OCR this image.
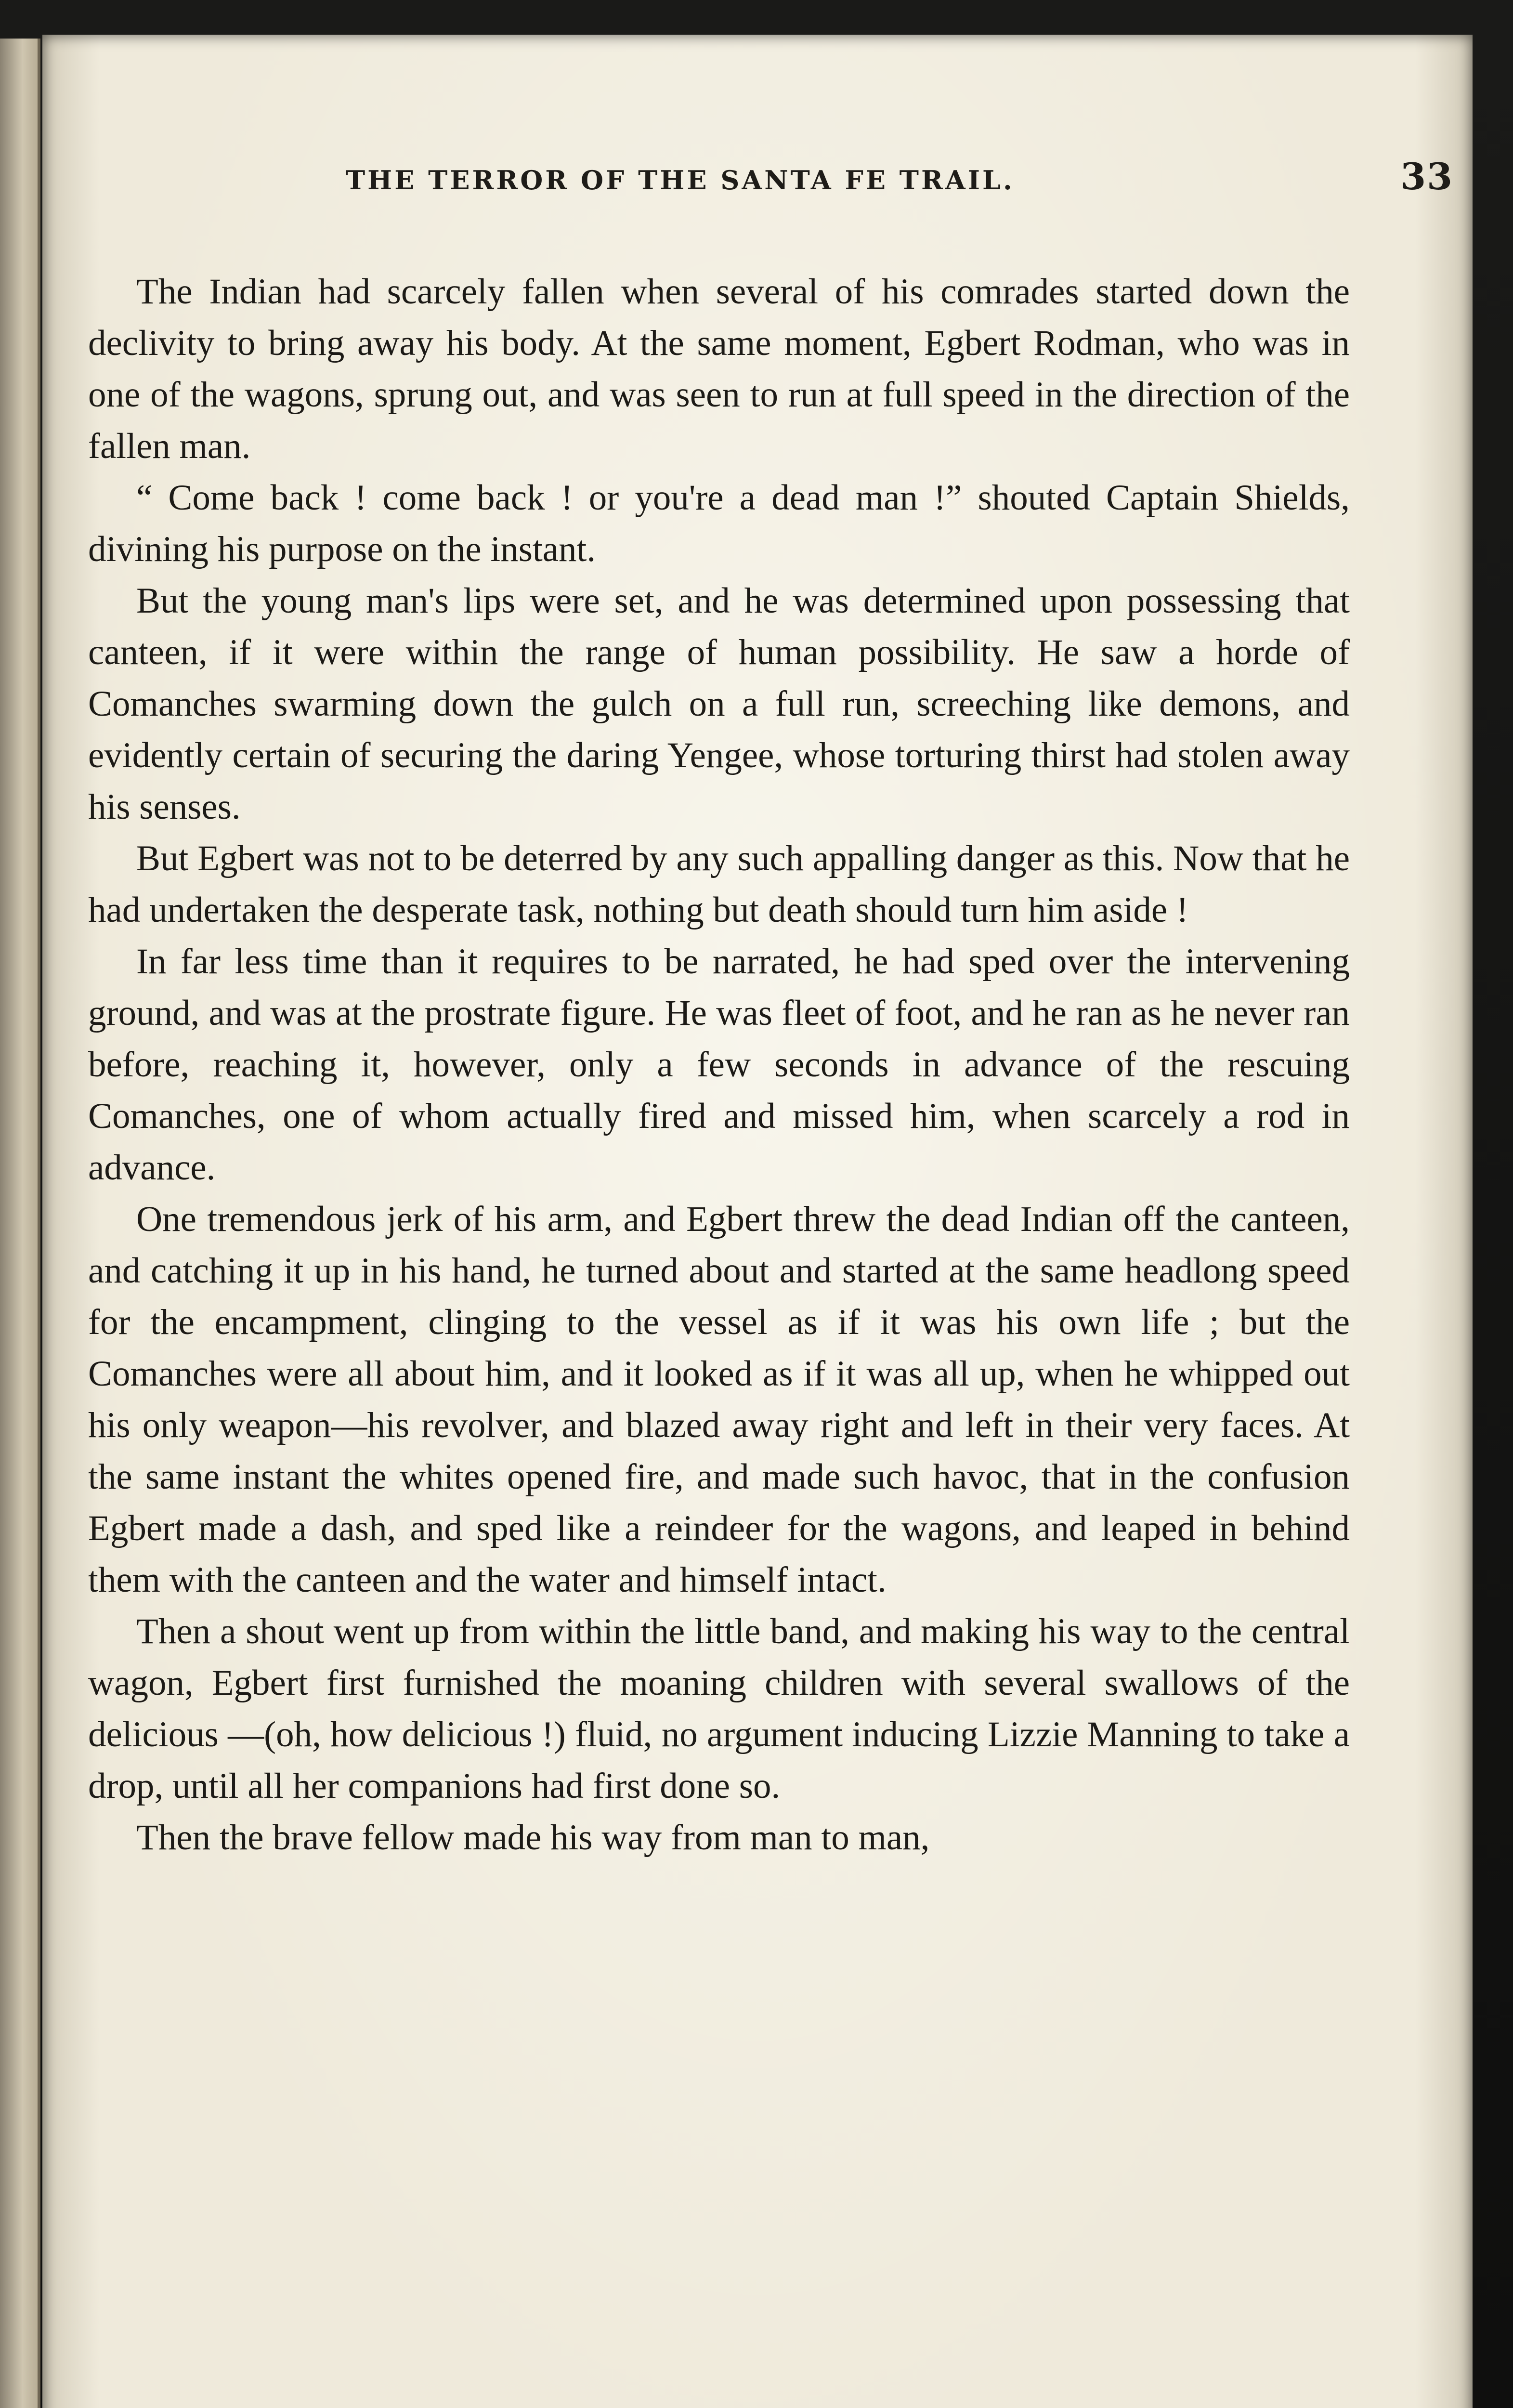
THE TERROR OF THE SANTA FE TRAIL.	33

The Indian had scarcely fallen when several of his comrades started down the declivity to bring away his body. At the same moment, Egbert Rodman, who was in one of the wagons, sprung out, and was seen to run at full speed in the direction of the fallen man.

“ Come back ! come back ! or you're a dead man !” shouted Captain Shields, divining his purpose on the instant.

But the young man's lips were set, and he was determined upon possessing that canteen, if it were within the range of human possibility. He saw a horde of Comanches swarming down the gulch on a full run, screeching like demons, and evidently certain of securing the daring Yengee, whose torturing thirst had stolen away his senses.

But Egbert was not to be deterred by any such appalling danger as this. Now that he had undertaken the desperate task, nothing but death should turn him aside !

In far less time than it requires to be narrated, he had sped over the intervening ground, and was at the prostrate figure. He was fleet of foot, and he ran as he never ran before, reaching it, however, only a few seconds in advance of the rescuing Comanches, one of whom actually fired and missed him, when scarcely a rod in advance.

One tremendous jerk of his arm, and Egbert threw the dead Indian off the canteen, and catching it up in his hand, he turned about and started at the same headlong speed for the encampment, clinging to the vessel as if it was his own life ; but the Comanches were all about him, and it looked as if it was all up, when he whipped out his only weapon—his revolver, and blazed away right and left in their very faces. At the same instant the whites opened fire, and made such havoc, that in the confusion Egbert made a dash, and sped like a reindeer for the wagons, and leaped in behind them with the canteen and the water and himself intact.

Then a shout went up from within the little band, and making his way to the central wagon, Egbert first furnished the moaning children with several swallows of the delicious —(oh, how delicious !) fluid, no argument inducing Lizzie Manning to take a drop, until all her companions had first done so.

Then the brave fellow made his way from man to man,
